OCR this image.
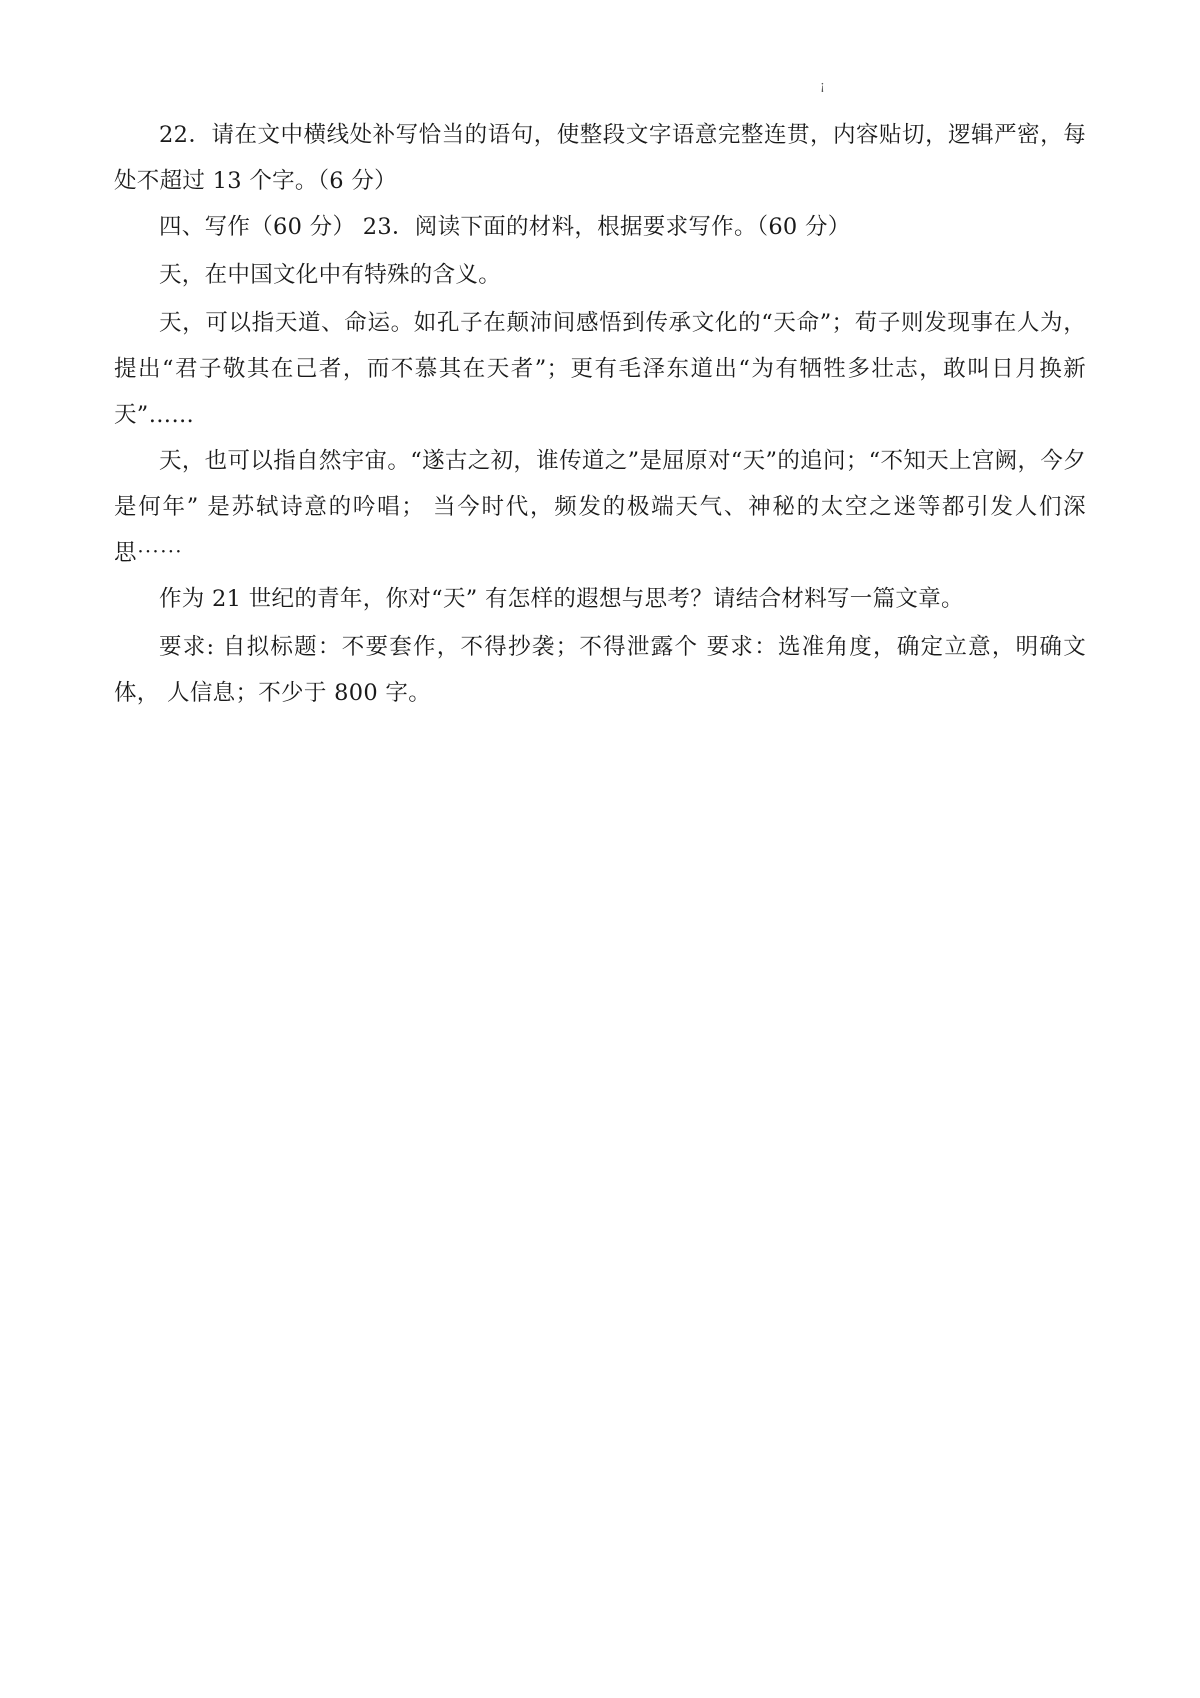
¡

22．请在文中横线处补写恰当的语句，使整段文字语意完整连贯，内容贴切，逻辑严密，每处不超过 13 个字。（6 分）

四、写作（60 分） 23．阅读下面的材料，根据要求写作。（60 分）

天，在中国文化中有特殊的含义。

天，可以指天道、命运。如孔子在颠沛间感悟到传承文化的“天命”；荀子则发现事在人为，提出“君子敬其在己者，而不慕其在天者”；更有毛泽东道出“为有牺牲多壮志，敢叫日月换新天”……

天，也可以指自然宇宙。“遂古之初，谁传道之”是屈原对“天”的追问；“不知天上宫阙，今夕是何年” 是苏轼诗意的吟唱； 当今时代，频发的极端天气、神秘的太空之迷等都引发人们深思⋯⋯

作为 21 世纪的青年，你对“天” 有怎样的遐想与思考？请结合材料写一篇文章。

要求: 自拟标题：不要套作，不得抄袭；不得泄露个 要求：选准角度，确定立意，明确文体， 人信息；不少于 800 字。
